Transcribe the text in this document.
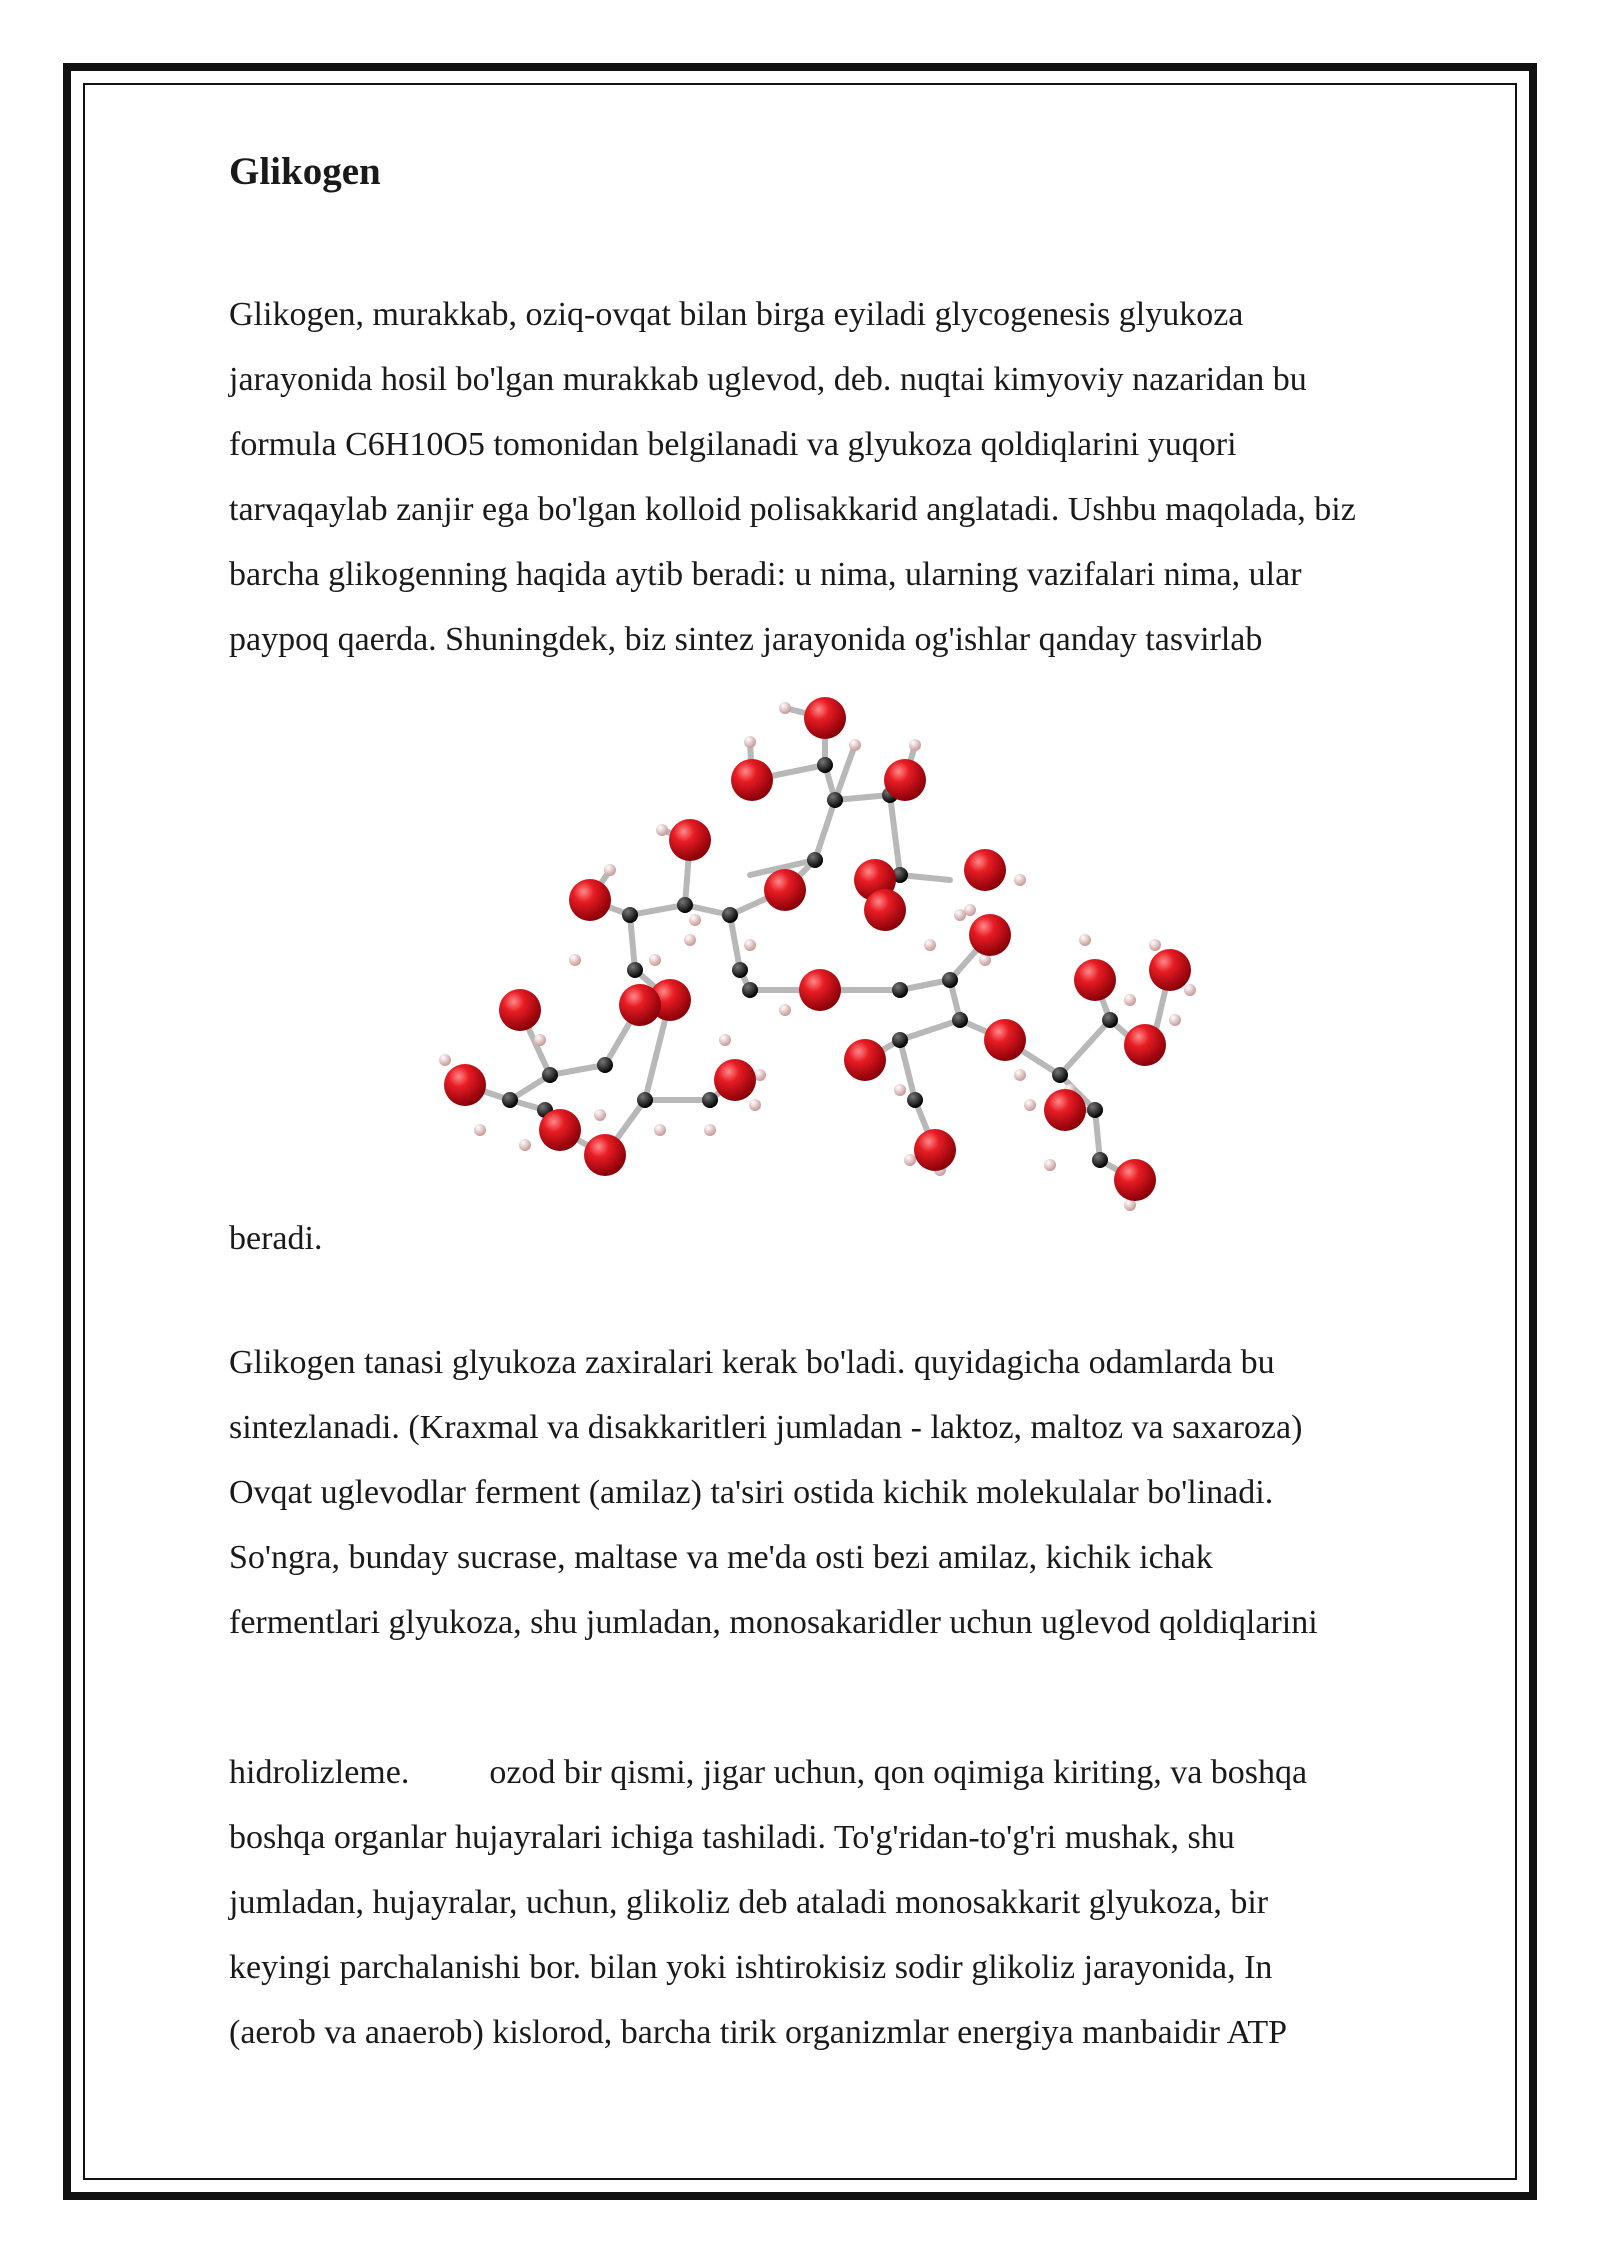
Glikogen

Glikogen, murakkab, oziq-ovqat bilan birga eyiladi glycogenesis glyukoza
jarayonida hosil bo'lgan murakkab uglevod, deb. nuqtai kimyoviy nazaridan bu
formula C6H10O5 tomonidan belgilanadi va glyukoza qoldiqlarini yuqori
tarvaqaylab zanjir ega bo'lgan kolloid polisakkarid anglatadi. Ushbu maqolada, biz
barcha glikogenning haqida aytib beradi: u nima, ularning vazifalari nima, ular
paypoq qaerda. Shuningdek, biz sintez jarayonida og'ishlar qanday tasvirlab

beradi.

Glikogen tanasi glyukoza zaxiralari kerak bo'ladi. quyidagicha odamlarda bu
sintezlanadi. (Kraxmal va disakkaritleri jumladan - laktoz, maltoz va saxaroza)
Ovqat uglevodlar ferment (amilaz) ta'siri ostida kichik molekulalar bo'linadi.
So'ngra, bunday sucrase, maltase va me'da osti bezi amilaz, kichik ichak
fermentlari glyukoza, shu jumladan, monosakaridler uchun uglevod qoldiqlarini

hidrolizleme. ozod bir qismi, jigar uchun, qon oqimiga kiriting, va boshqa
boshqa organlar hujayralari ichiga tashiladi. To'g'ridan-to'g'ri mushak, shu
jumladan, hujayralar, uchun, glikoliz deb ataladi monosakkarit glyukoza, bir
keyingi parchalanishi bor. bilan yoki ishtirokisiz sodir glikoliz jarayonida, In
(aerob va anaerob) kislorod, barcha tirik organizmlar energiya manbaidir ATP
